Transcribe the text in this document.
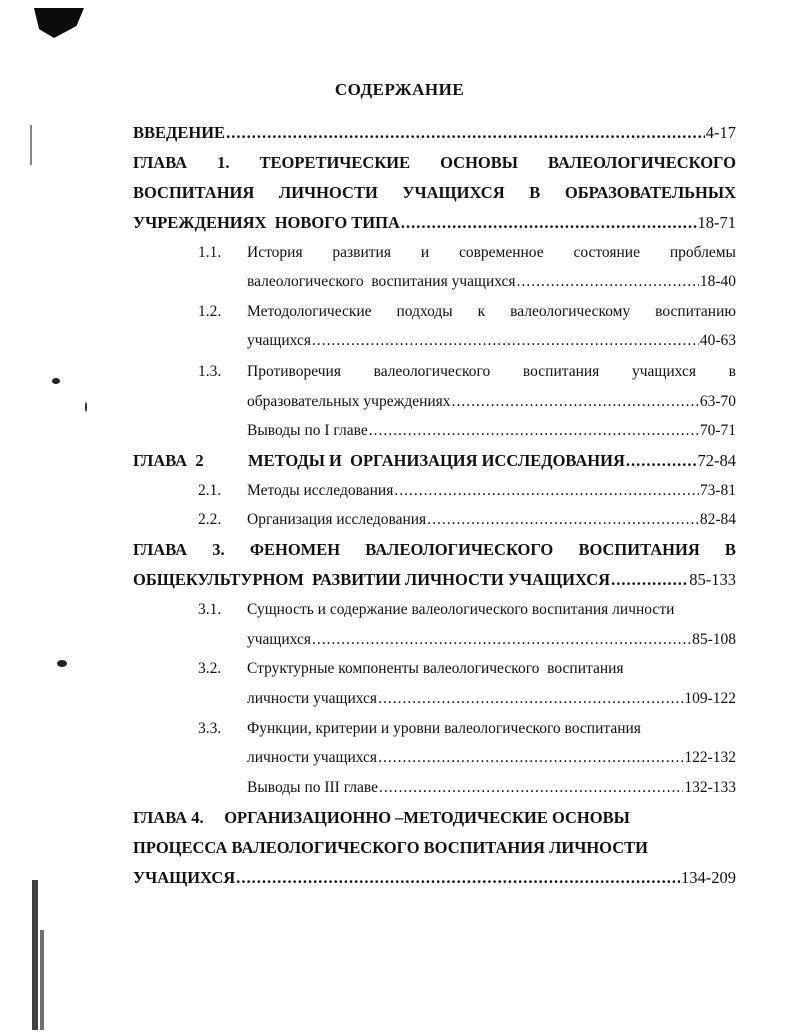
СОДЕРЖАНИЕ
ВВЕДЕНИЕ .....	4-17
ГЛАВА 1. ТЕОРЕТИЧЕСКИЕ ОСНОВЫ ВАЛЕОЛОГИЧЕСКОГО
ВОСПИТАНИЯ ЛИЧНОСТИ УЧАЩИХСЯ В ОБРАЗОВАТЕЛЬНЫХ
УЧРЕЖДЕНИЯХ  НОВОГО ТИПА .....	18-71
1.1.	История развития и современное состояние проблемы
валеологического  воспитания учащихся .....	18-40
1.2.	Методологические подходы к валеологическому воспитанию
учащихся .....	40-63
1.3.	Противоречия валеологического воспитания учащихся в
образовательных учреждениях .....	63-70
Выводы по I главе .....	70-71
ГЛАВА  2	МЕТОДЫ И  ОРГАНИЗАЦИЯ ИССЛЕДОВАНИЯ .....	72-84
2.1.	Методы исследования .....	73-81
2.2.	Организация исследования .....	82-84
ГЛАВА 3. ФЕНОМЕН ВАЛЕОЛОГИЧЕСКОГО ВОСПИТАНИЯ В
ОБЩЕКУЛЬТУРНОМ  РАЗВИТИИ ЛИЧНОСТИ УЧАЩИХСЯ .....	85-133
3.1.	Сущность и содержание валеологического воспитания личности
учащихся .....	85-108
3.2.	Структурные компоненты валеологического  воспитания
личности учащихся .....	109-122
3.3.	Функции, критерии и уровни валеологического воспитания
личности учащихся .....	122-132
Выводы по III главе .....	132-133
ГЛАВА 4.     ОРГАНИЗАЦИОННО –МЕТОДИЧЕСКИЕ ОСНОВЫ
ПРОЦЕССА ВАЛЕОЛОГИЧЕСКОГО ВОСПИТАНИЯ ЛИЧНОСТИ
УЧАЩИХСЯ .....	134-209
